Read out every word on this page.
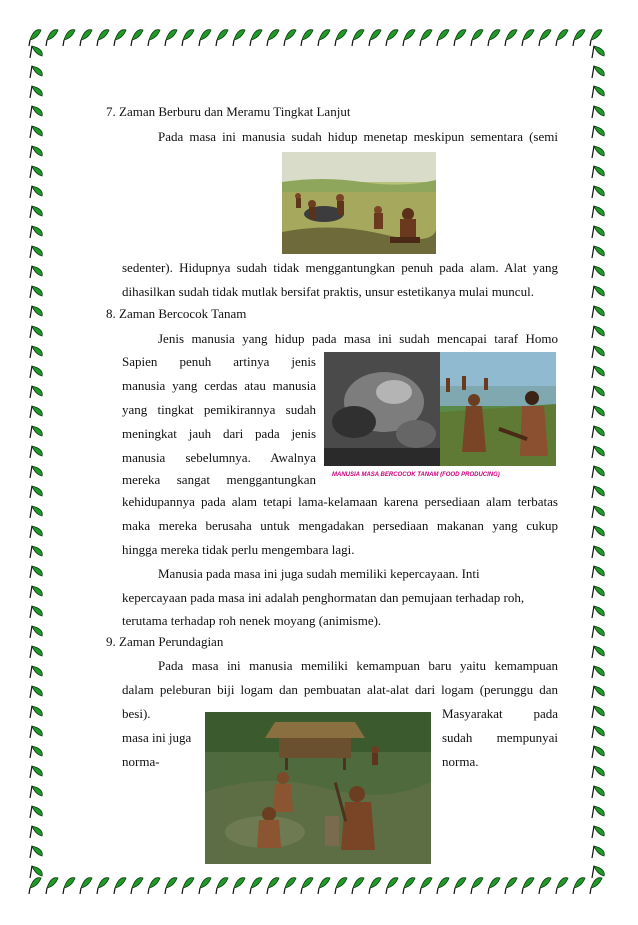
7. Zaman Berburu dan Meramu Tingkat Lanjut
Pada masa ini manusia sudah hidup menetap meskipun sementara (semi
sedenter). Hidupnya sudah tidak menggantungkan penuh pada alam. Alat yang
dihasilkan sudah tidak mutlak bersifat praktis, unsur estetikanya mulai muncul.
8. Zaman Bercocok Tanam
Jenis manusia yang hidup pada masa ini sudah mencapai taraf Homo
Sapien penuh artinya jenis
manusia yang cerdas atau manusia
yang tingkat pemikirannya sudah
meningkat jauh dari pada jenis
manusia sebelumnya. Awalnya
mereka sangat menggantungkan	MANUSIA MASA BERCOCOK TANAM (FOOD PRODUCING)
kehidupannya pada alam tetapi lama-kelamaan karena persediaan alam terbatas
maka mereka berusaha untuk mengadakan persediaan makanan yang cukup
hingga mereka tidak perlu mengembara lagi.
Manusia pada masa ini juga sudah memiliki kepercayaan. Inti
kepercayaan pada masa ini adalah penghormatan dan pemujaan terhadap roh,
terutama terhadap roh nenek moyang (animisme).
9. Zaman Perundagian
Pada masa ini manusia memiliki kemampuan baru yaitu kemampuan
dalam peleburan biji logam dan pembuatan alat-alat dari logam (perunggu dan
besi).
masa ini juga
norma-
Masyarakat pada
sudah mempunyai
norma.
